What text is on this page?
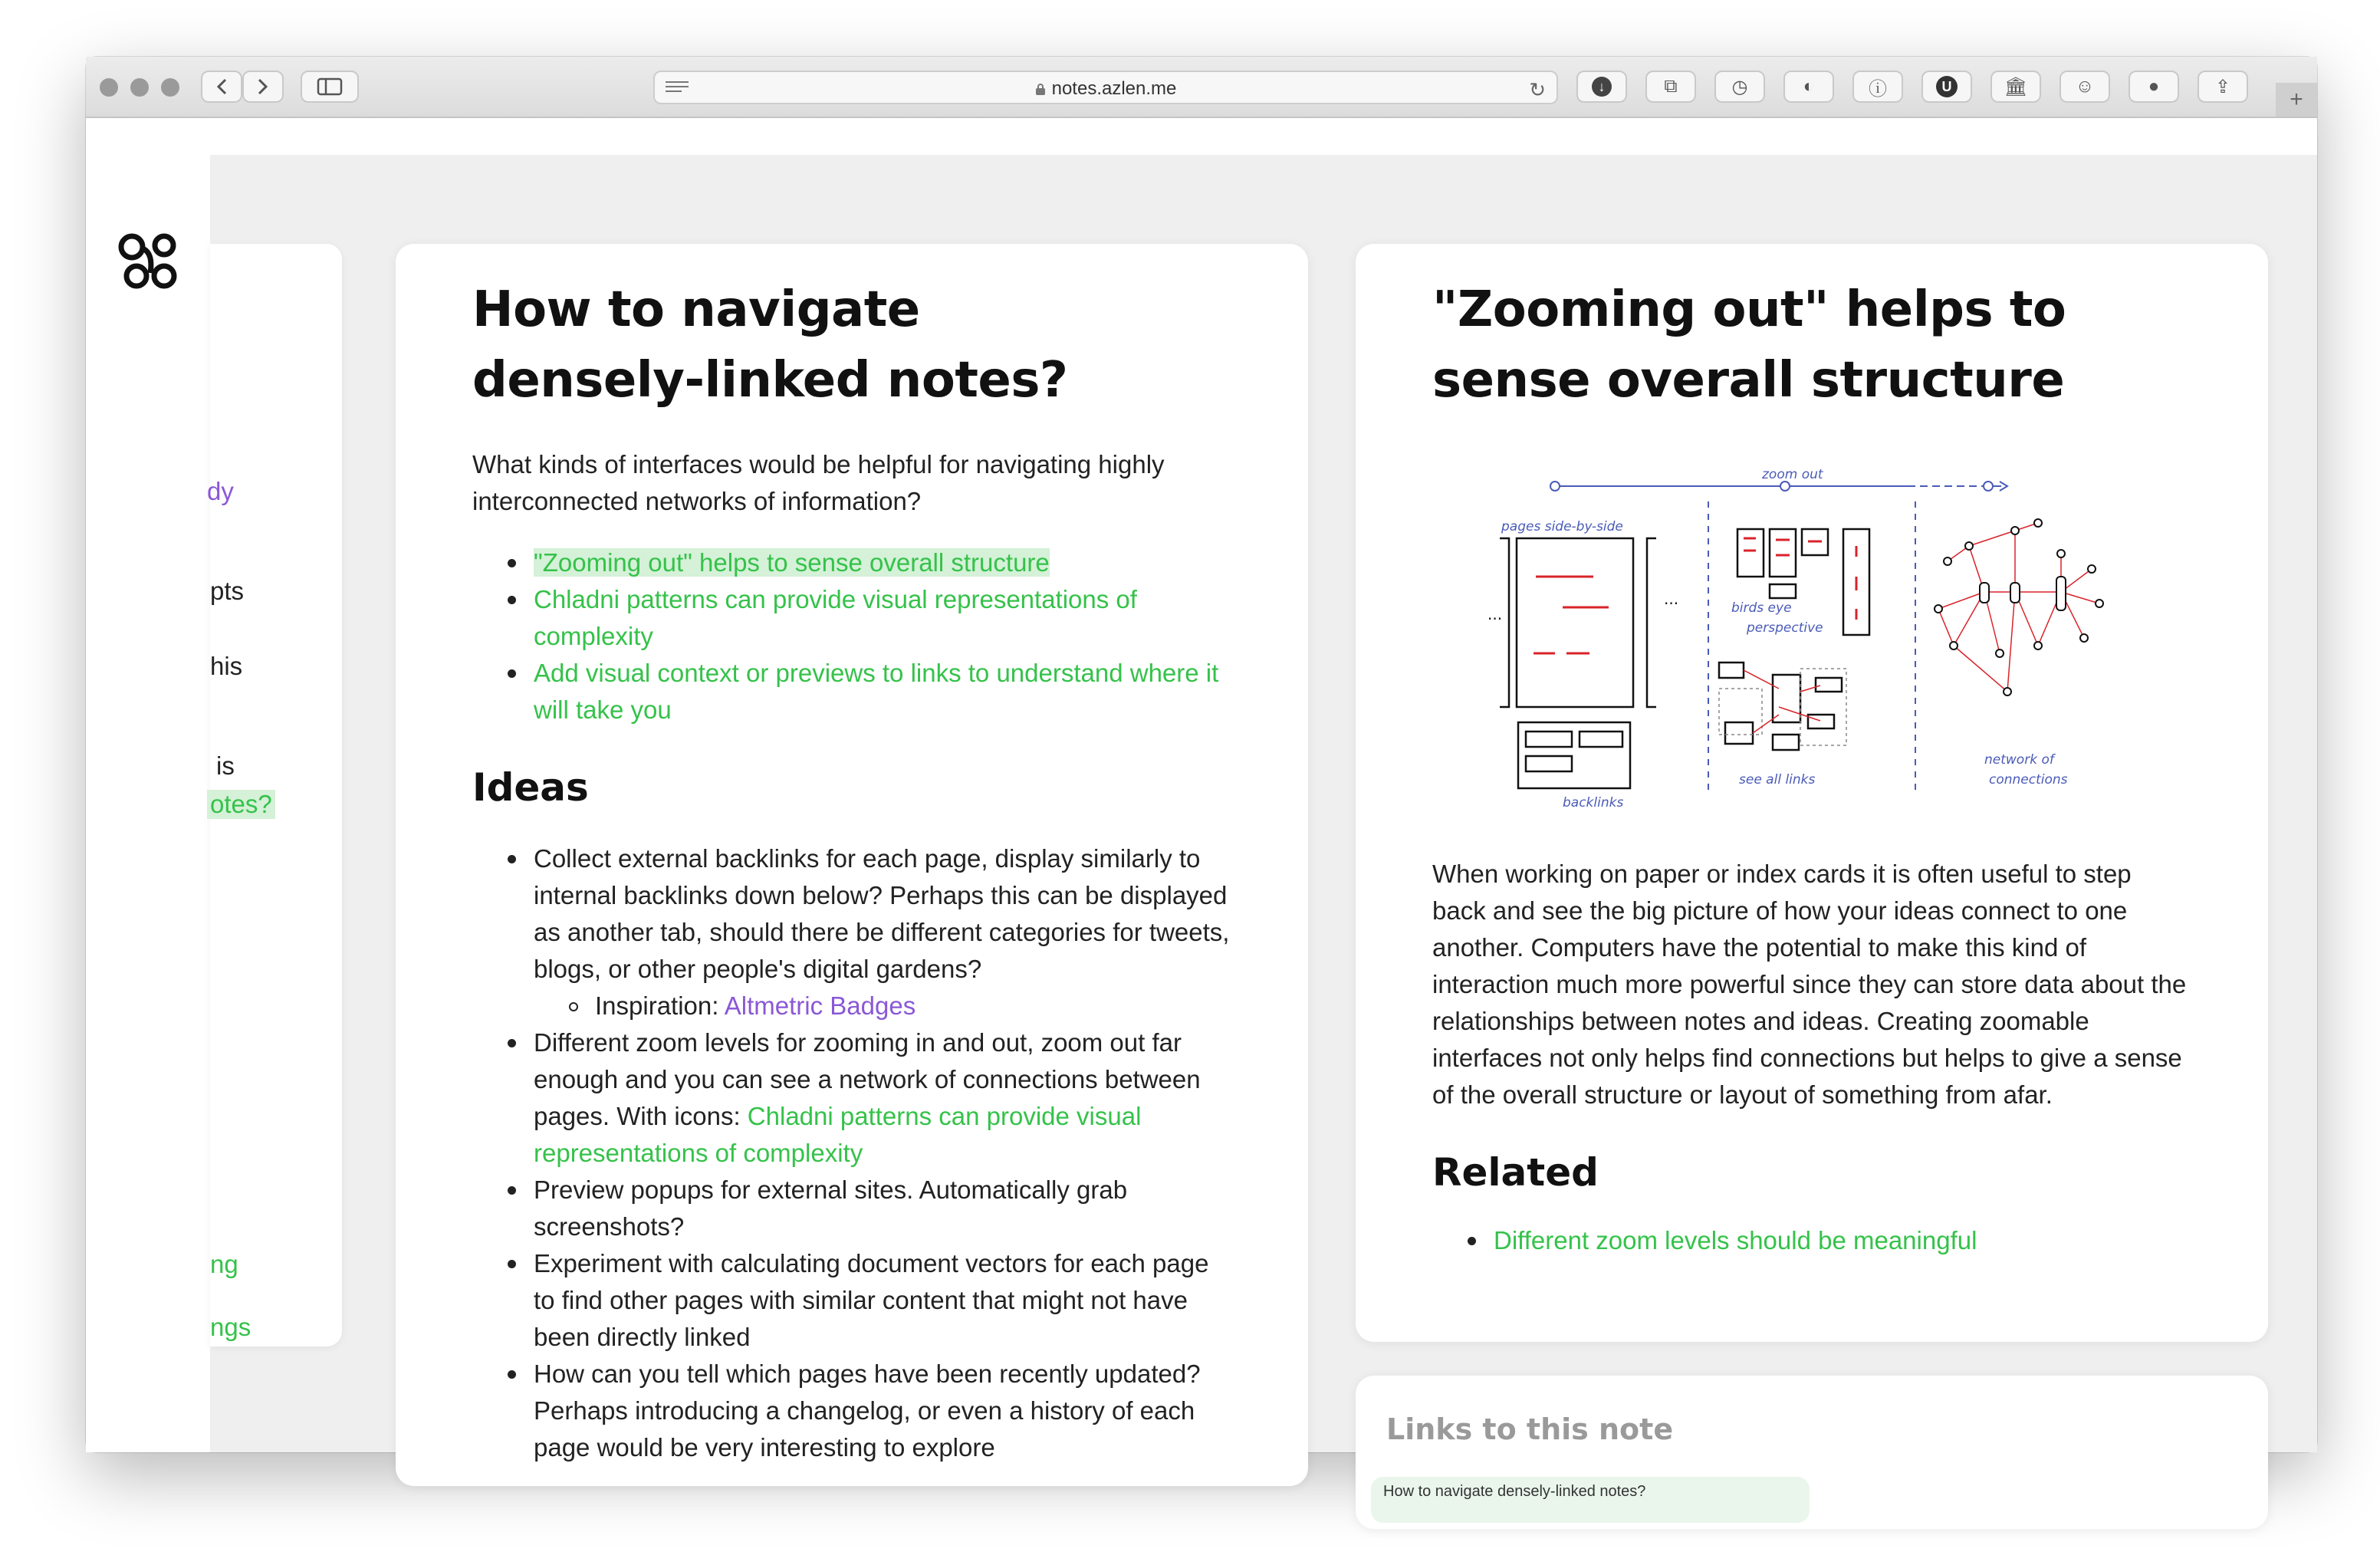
notes.azlen.me	↻	↓	⧉	◷	◐	ⓘ	U	🏛	☺	●	⇪	+
dy
pts
his
is
otes?
ng
ngs
How to navigate densely-linked notes?

What kinds of interfaces would be helpful for navigating highly interconnected networks of information?

"Zooming out" helps to sense overall structure
Chladni patterns can provide visual representations of complexity
Add visual context or previews to links to understand where it will take you
Ideas
Collect external backlinks for each page, display similarly to internal backlinks down below? Perhaps this can be displayed as another tab, should there be different categories for tweets, blogs, or other people's digital gardens?
Inspiration: Altmetric Badges
Different zoom levels for zooming in and out, zoom out far enough and you can see a network of connections between pages. With icons: Chladni patterns can provide visual representations of complexity
Preview popups for external sites. Automatically grab screenshots?
Experiment with calculating document vectors for each page to find other pages with similar content that might not have been directly linked
How can you tell which pages have been recently updated? Perhaps introducing a changelog, or even a history of each page would be very interesting to explore
"Zooming out" helps to sense overall structure
zoom out
pages side-by-side
backlinks
birds eye
perspective
see all links
network of
connections
...
...

When working on paper or index cards it is often useful to step back and see the big picture of how your ideas connect to one another. Computers have the potential to make this kind of interaction much more powerful since they can store data about the relationships between notes and ideas. Creating zoomable interfaces not only helps find connections but helps to give a sense of the overall structure or layout of something from afar.

Related
Different zoom levels should be meaningful
Links to this note
How to navigate densely-linked notes?
